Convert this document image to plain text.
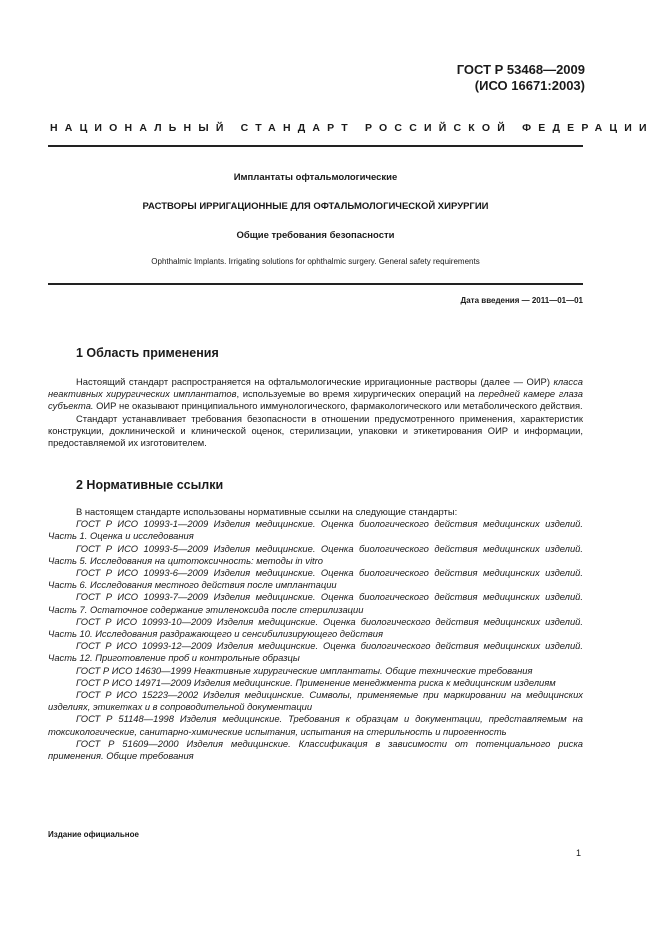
ГОСТ Р 53468—2009
(ИСО 16671:2003)
НАЦИОНАЛЬНЫЙ СТАНДАРТ РОССИЙСКОЙ ФЕДЕРАЦИИ
Имплантаты офтальмологические
РАСТВОРЫ ИРРИГАЦИОННЫЕ ДЛЯ ОФТАЛЬМОЛОГИЧЕСКОЙ ХИРУРГИИ
Общие требования безопасности
Ophthalmic Implants. Irrigating solutions for ophthalmic surgery. General safety requirements
Дата введения — 2011—01—01
1 Область применения

Настоящий стандарт распространяется на офтальмологические ирригационные растворы (далее — ОИР) класса неактивных хирургических имплантатов, используемые во время хирургических операций на передней камере глаза субъекта. ОИР не оказывают принципиального иммунологического, фармакологического или метаболического действия.

Стандарт устанавливает требования безопасности в отношении предусмотренного применения, характеристик конструкции, доклинической и клинической оценок, стерилизации, упаковки и этикетирования ОИР и информации, предоставляемой их изготовителем.

2 Нормативные ссылки

В настоящем стандарте использованы нормативные ссылки на следующие стандарты:

ГОСТ Р ИСО 10993-1—2009 Изделия медицинские. Оценка биологического действия медицинских изделий. Часть 1. Оценка и исследования

ГОСТ Р ИСО 10993-5—2009 Изделия медицинские. Оценка биологического действия медицинских изделий. Часть 5. Исследования на цитотоксичность: методы in vitro

ГОСТ Р ИСО 10993-6—2009 Изделия медицинские. Оценка биологического действия медицинских изделий. Часть 6. Исследования местного действия после имплантации

ГОСТ Р ИСО 10993-7—2009 Изделия медицинские. Оценка биологического действия медицинских изделий. Часть 7. Остаточное содержание этиленоксида после стерилизации

ГОСТ Р ИСО 10993-10—2009 Изделия медицинские. Оценка биологического действия медицинских изделий. Часть 10. Исследования раздражающего и сенсибилизирующего действия

ГОСТ Р ИСО 10993-12—2009 Изделия медицинские. Оценка биологического действия медицинских изделий. Часть 12. Приготовление проб и контрольные образцы

ГОСТ Р ИСО 14630—1999 Неактивные хирургические имплантаты. Общие технические требования

ГОСТ Р ИСО 14971—2009 Изделия медицинские. Применение менеджмента риска к медицинским изделиям

ГОСТ Р ИСО 15223—2002 Изделия медицинские. Символы, применяемые при маркировании на медицинских изделиях, этикетках и в сопроводительной документации

ГОСТ Р 51148—1998 Изделия медицинские. Требования к образцам и документации, представляемым на токсикологические, санитарно-химические испытания, испытания на стерильность и пирогенность

ГОСТ Р 51609—2000 Изделия медицинские. Классификация в зависимости от потенциального риска применения. Общие требования

Издание официальное
1
